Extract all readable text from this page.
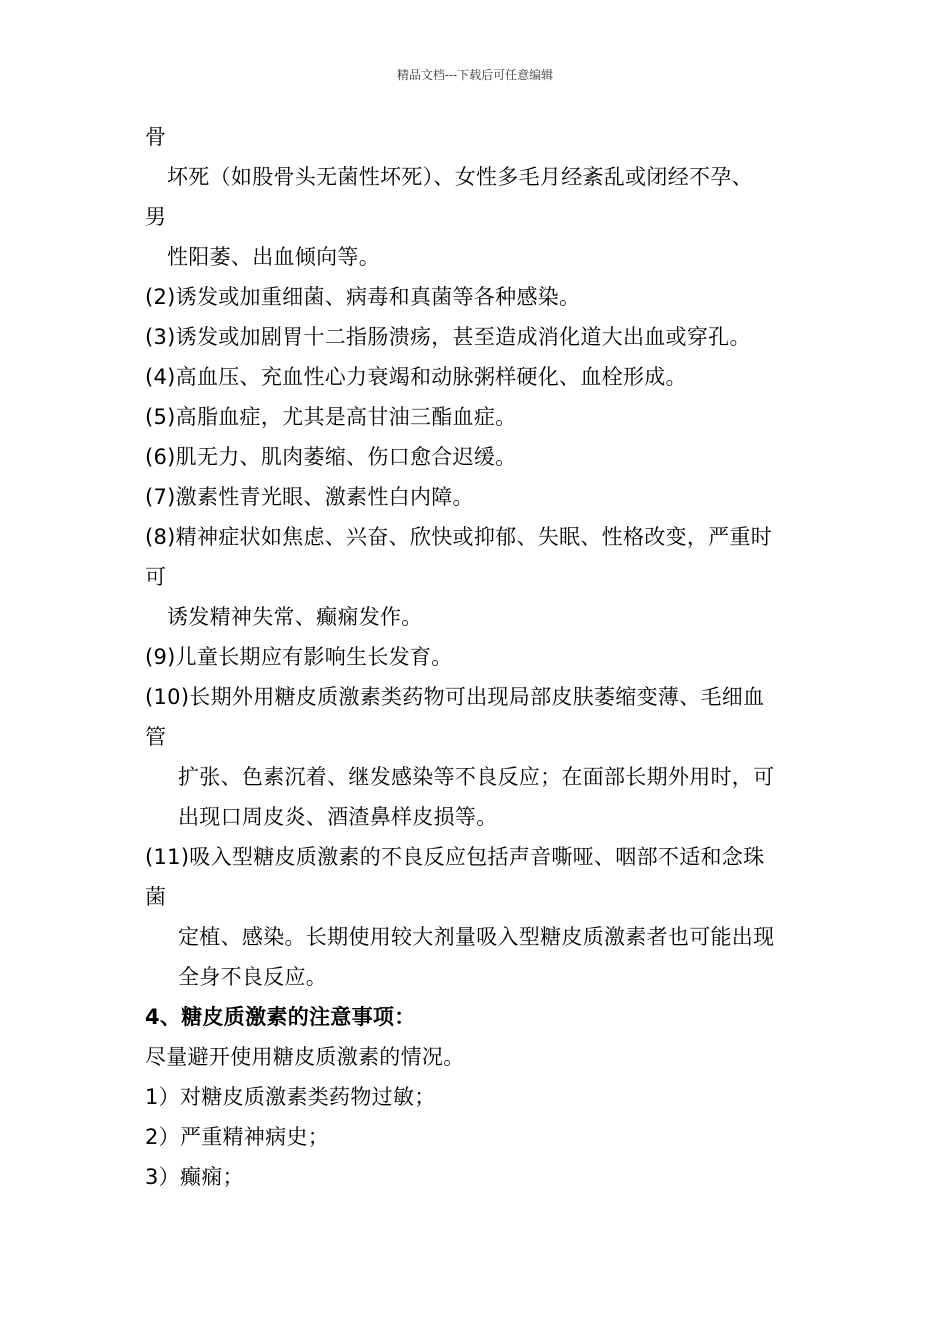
精品文档---下载后可任意编辑
骨
坏死（如股骨头无菌性坏死）、女性多毛月经紊乱或闭经不孕、
男
性阳萎、出血倾向等。
(2)诱发或加重细菌、病毒和真菌等各种感染。
(3)诱发或加剧胃十二指肠溃疡，甚至造成消化道大出血或穿孔。
(4)高血压、充血性心力衰竭和动脉粥样硬化、血栓形成。
(5)高脂血症，尤其是高甘油三酯血症。
(6)肌无力、肌肉萎缩、伤口愈合迟缓。
(7)激素性青光眼、激素性白内障。
(8)精神症状如焦虑、兴奋、欣快或抑郁、失眠、性格改变，严重时
可
诱发精神失常、癫痫发作。
(9)儿童长期应有影响生长发育。
(10)长期外用糖皮质激素类药物可出现局部皮肤萎缩变薄、毛细血
管
扩张、色素沉着、继发感染等不良反应；在面部长期外用时，可
出现口周皮炎、酒渣鼻样皮损等。
(11)吸入型糖皮质激素的不良反应包括声音嘶哑、咽部不适和念珠
菌
定植、感染。长期使用较大剂量吸入型糖皮质激素者也可能出现
全身不良反应。
4、糖皮质激素的注意事项：
尽量避开使用糖皮质激素的情况。
1）对糖皮质激素类药物过敏；
2）严重精神病史；
3）癫痫；
